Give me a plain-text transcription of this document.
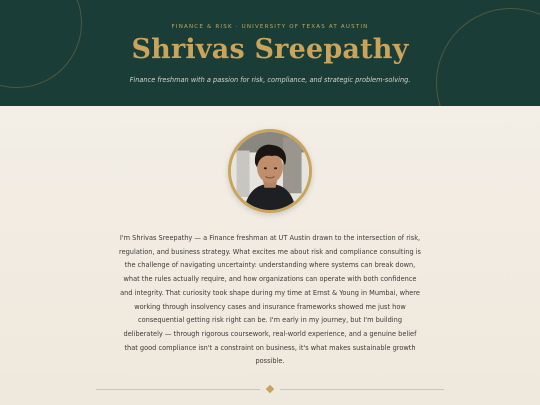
FINANCE & RISK · UNIVERSITY OF TEXAS AT AUSTIN
Shrivas Sreepathy

Finance freshman with a passion for risk, compliance, and strategic problem-solving.

I'm Shrivas Sreepathy — a Finance freshman at UT Austin drawn to the intersection of risk, regulation, and business strategy. What excites me about risk and compliance consulting is the challenge of navigating uncertainty: understanding where systems can break down, what the rules actually require, and how organizations can operate with both confidence and integrity. That curiosity took shape during my time at Ernst & Young in Mumbai, where working through insolvency cases and insurance frameworks showed me just how consequential getting risk right can be. I'm early in my journey, but I'm building deliberately — through rigorous coursework, real-world experience, and a genuine belief that good compliance isn't a constraint on business, it's what makes sustainable growth possible.
